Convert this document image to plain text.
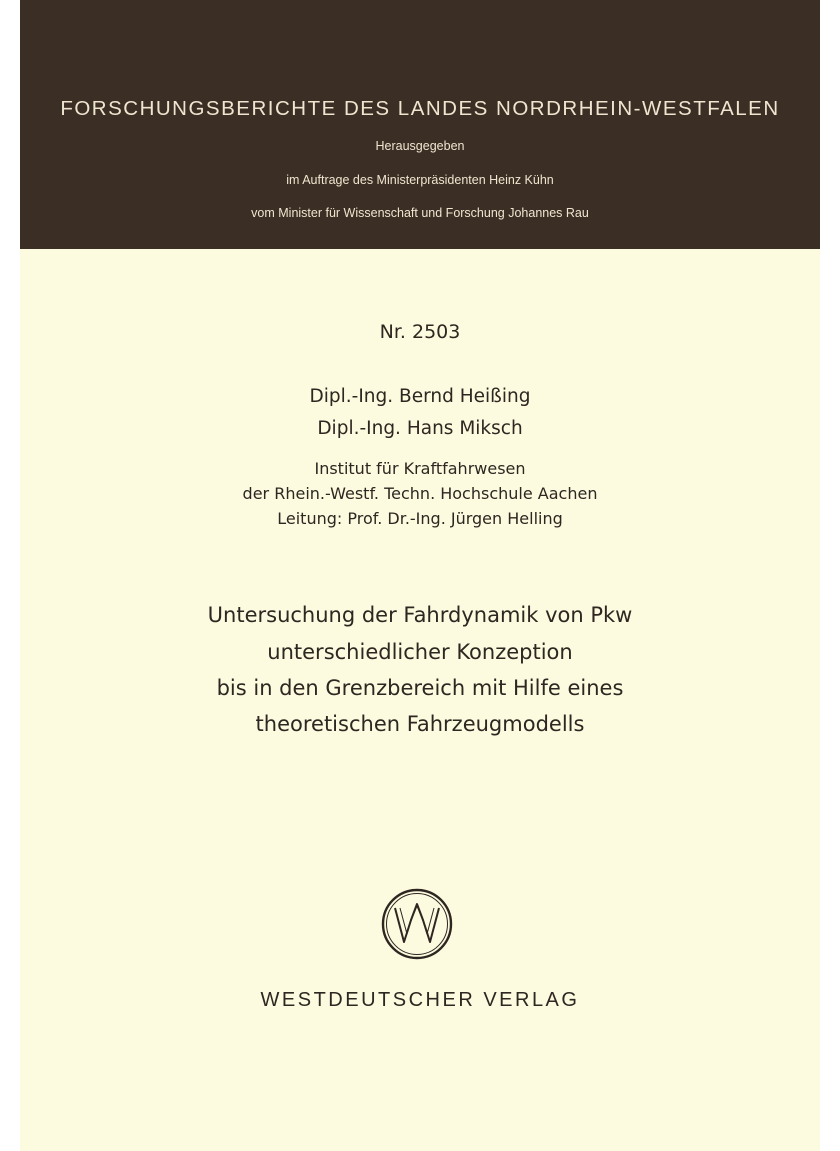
FORSCHUNGSBERICHTE DES LANDES NORDRHEIN-WESTFALEN
Herausgegeben
im Auftrage des Ministerpräsidenten Heinz Kühn
vom Minister für Wissenschaft und Forschung Johannes Rau
Nr. 2503
Dipl.-Ing. Bernd Heißing
Dipl.-Ing. Hans Miksch
Institut für Kraftfahrwesen
der Rhein.-Westf. Techn. Hochschule Aachen
Leitung: Prof. Dr.-Ing. Jürgen Helling
Untersuchung der Fahrdynamik von Pkw
unterschiedlicher Konzeption
bis in den Grenzbereich mit Hilfe eines
theoretischen Fahrzeugmodells
WESTDEUTSCHER VERLAG
